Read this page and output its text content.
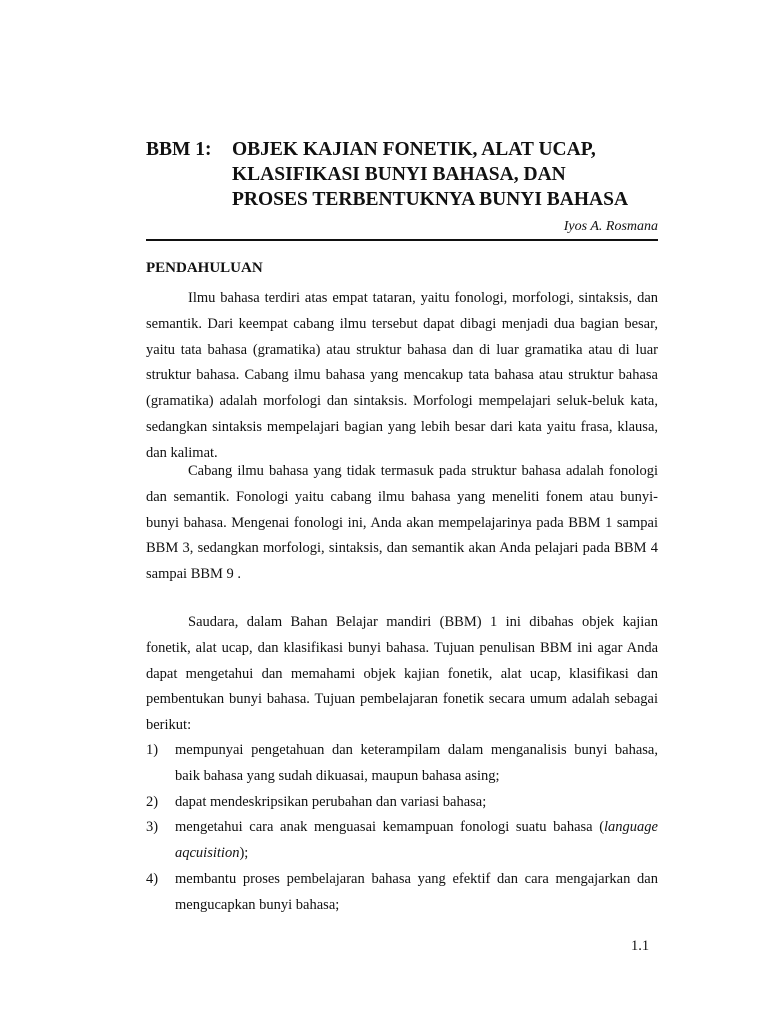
BBM 1:	OBJEK KAJIAN FONETIK, ALAT UCAP,
KLASIFIKASI BUNYI BAHASA, DAN
PROSES TERBENTUKNYA BUNYI BAHASA
Iyos A. Rosmana
PENDAHULUAN

Ilmu bahasa terdiri atas empat tataran, yaitu fonologi, morfologi, sintaksis, dan semantik. Dari keempat cabang ilmu tersebut dapat dibagi menjadi dua bagian besar, yaitu tata bahasa (gramatika) atau struktur bahasa dan di luar gramatika atau di luar struktur bahasa. Cabang ilmu bahasa yang mencakup tata bahasa atau struktur bahasa (gramatika) adalah morfologi dan sintaksis. Morfologi mempelajari seluk-beluk kata, sedangkan sintaksis mempelajari bagian yang lebih besar dari kata yaitu frasa, klausa, dan kalimat.

Cabang ilmu bahasa yang tidak termasuk pada struktur bahasa adalah fonologi dan semantik. Fonologi yaitu cabang ilmu bahasa yang meneliti fonem atau bunyi-bunyi bahasa. Mengenai fonologi ini, Anda akan mempelajarinya pada BBM 1 sampai BBM 3, sedangkan morfologi, sintaksis, dan semantik akan Anda pelajari pada BBM 4 sampai BBM 9 .

Saudara, dalam Bahan Belajar mandiri (BBM) 1 ini dibahas objek kajian fonetik, alat ucap, dan klasifikasi bunyi bahasa. Tujuan penulisan BBM ini agar Anda dapat mengetahui dan memahami objek kajian fonetik, alat ucap, klasifikasi dan pembentukan bunyi bahasa. Tujuan pembelajaran fonetik secara umum adalah sebagai berikut:

1) mempunyai pengetahuan dan keterampilam dalam menganalisis bunyi bahasa, baik bahasa yang sudah dikuasai, maupun bahasa asing;
2) dapat mendeskripsikan perubahan dan variasi bahasa;
3) mengetahui cara anak menguasai kemampuan fonologi suatu bahasa (language aqcuisition);
4) membantu proses pembelajaran bahasa yang efektif dan cara mengajarkan dan mengucapkan bunyi bahasa;
1.1
